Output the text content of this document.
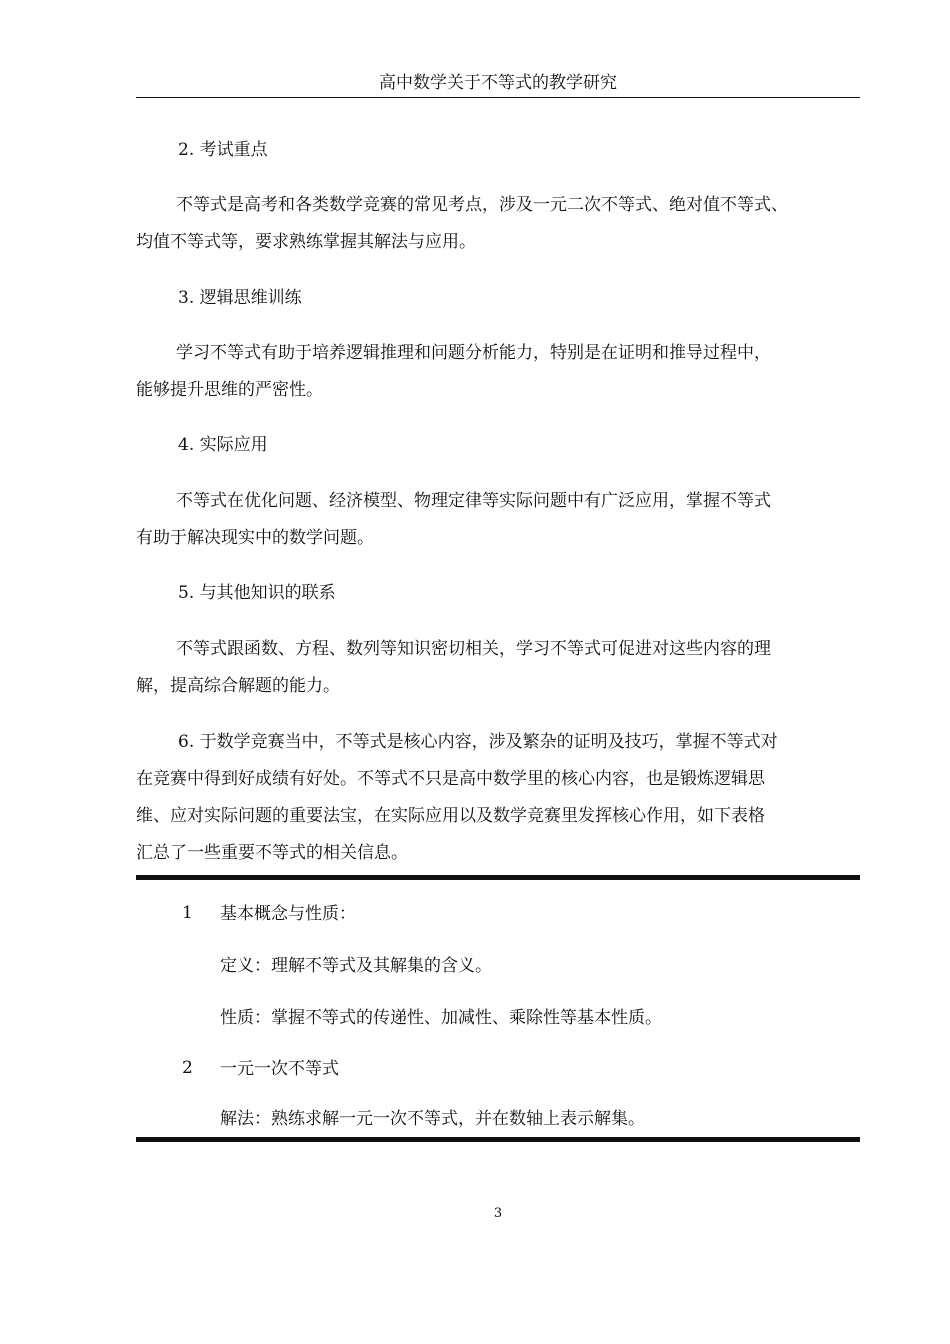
高中数学关于不等式的教学研究
2. 考试重点
不等式是高考和各类数学竞赛的常见考点，涉及一元二次不等式、绝对值不等式、
均值不等式等，要求熟练掌握其解法与应用。
3. 逻辑思维训练
学习不等式有助于培养逻辑推理和问题分析能力，特别是在证明和推导过程中，
能够提升思维的严密性。
4. 实际应用
不等式在优化问题、经济模型、物理定律等实际问题中有广泛应用，掌握不等式
有助于解决现实中的数学问题。
5. 与其他知识的联系
不等式跟函数、方程、数列等知识密切相关，学习不等式可促进对这些内容的理
解，提高综合解题的能力。
6. 于数学竞赛当中，不等式是核心内容，涉及繁杂的证明及技巧，掌握不等式对
在竞赛中得到好成绩有好处。不等式不只是高中数学里的核心内容，也是锻炼逻辑思
维、应对实际问题的重要法宝，在实际应用以及数学竞赛里发挥核心作用，如下表格
汇总了一些重要不等式的相关信息。
1 基本概念与性质：
定义：理解不等式及其解集的含义。
性质：掌握不等式的传递性、加减性、乘除性等基本性质。
2 一元一次不等式
解法：熟练求解一元一次不等式，并在数轴上表示解集。
3
